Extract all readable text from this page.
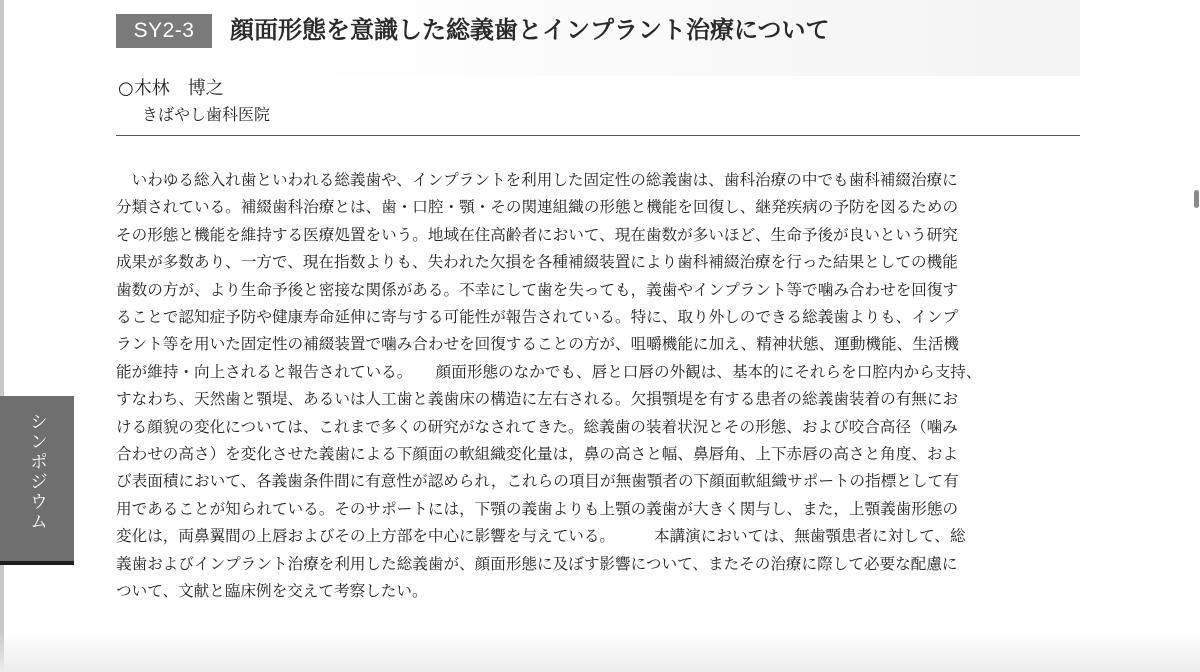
SY2-3	顔面形態を意識した総義歯とインプラント治療について
○木林　博之
きばやし歯科医院
　いわゆる総入れ歯といわれる総義歯や、インプラントを利用した固定性の総義歯は、歯科治療の中でも歯科補綴治療に
分類されている。補綴歯科治療とは、歯・口腔・顎・その関連組織の形態と機能を回復し、継発疾病の予防を図るための
その形態と機能を維持する医療処置をいう。地域在住高齢者において、現在歯数が多いほど、生命予後が良いという研究
成果が多数あり、一方で、現在指数よりも、失われた欠損を各種補綴装置により歯科補綴治療を行った結果としての機能
歯数の方が、より生命予後と密接な関係がある。不幸にして歯を失っても，義歯やインプラント等で噛み合わせを回復す
ることで認知症予防や健康寿命延伸に寄与する可能性が報告されている。特に、取り外しのできる総義歯よりも、インプ
ラント等を用いた固定性の補綴装置で噛み合わせを回復することの方が、咀嚼機能に加え、精神状態、運動機能、生活機
能が維持・向上されると報告されている。　　顔面形態のなかでも、唇と口唇の外観は、基本的にそれらを口腔内から支持、
すなわち、天然歯と顎堤、あるいは人工歯と義歯床の構造に左右される。欠損顎堤を有する患者の総義歯装着の有無にお
ける顔貌の変化については、これまで多くの研究がなされてきた。総義歯の装着状況とその形態、および咬合高径（噛み
合わせの高さ）を変化させた義歯による下顔面の軟組織変化量は，鼻の高さと幅、鼻唇角、上下赤唇の高さと角度、およ
び表面積において、各義歯条件間に有意性が認められ，これらの項目が無歯顎者の下顔面軟組織サポートの指標として有
用であることが知られている。そのサポートには，下顎の義歯よりも上顎の義歯が大きく関与し、また，上顎義歯形態の
変化は，両鼻翼間の上唇およびその上方部を中心に影響を与えている。　　　本講演においては、無歯顎患者に対して、総
義歯およびインプラント治療を利用した総義歯が、顔面形態に及ぼす影響について、またその治療に際して必要な配慮に
ついて、文献と臨床例を交えて考察したい。
シンポジウム
